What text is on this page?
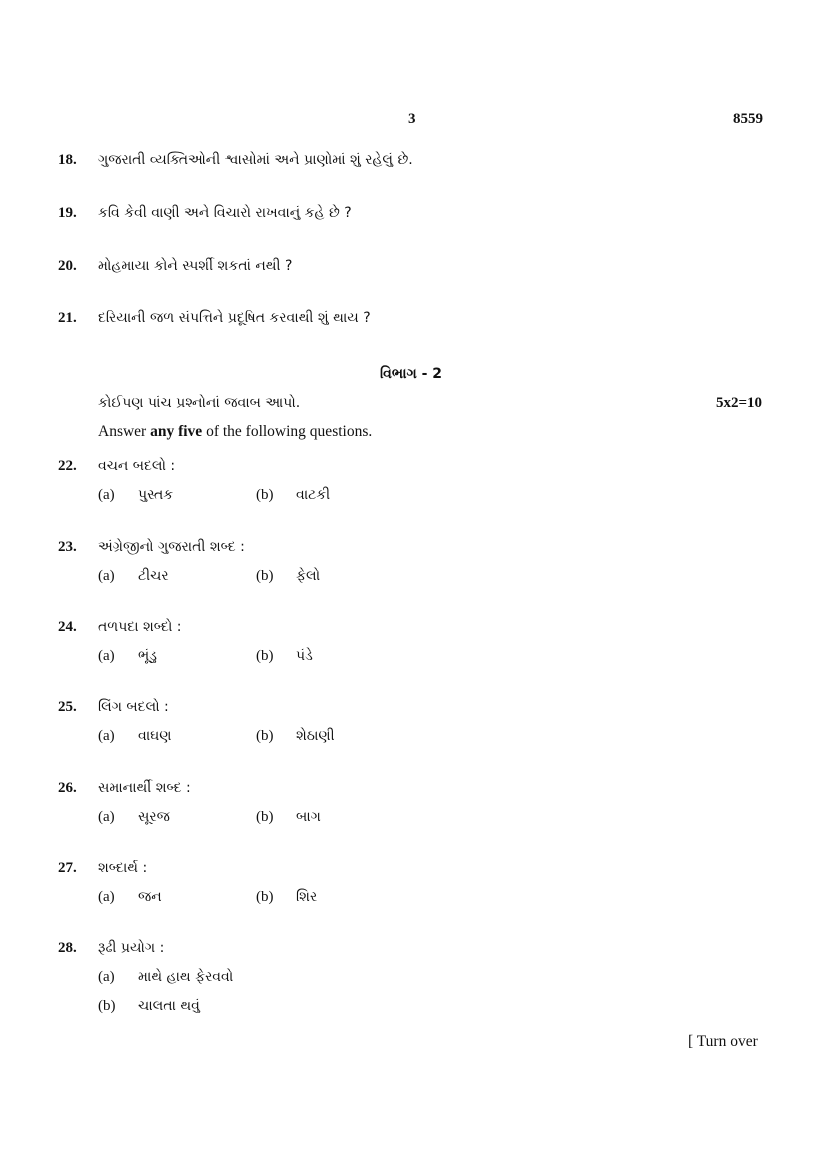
3	8559
18. ગુજરાતી વ્યક્તિઓની શ્વાસોમાં અને પ્રાણોમાં શું રહેલું છે.
19. કવિ કેવી વાણી અને વિચારો રાખવાનું કહે છે ?
20. મોહમાયા કોને સ્પર્શી શકતાં નથી ?
21. દરિયાની જળ સંપત્તિને પ્રદૂષિત કરવાથી શું થાય ?
વિભાગ - 2
કોઈપણ પાંચ પ્રશ્નોનાં જવાબ આપો.	5x2=10
Answer any five of the following questions.
22. વચન બદલો :
(a) પુસ્તક	(b) વાટકી
23. અંગ્રેજીનો ગુજરાતી શબ્દ :
(a) ટીચર	(b) ફેલો
24. તળપદા શબ્દો :
(a) ભૂંડુ	(b) પંડે
25. લિંગ બદલો :
(a) વાઘણ	(b) શેઠાણી
26. સમાનાર્થી શબ્દ :
(a) સૂરજ	(b) બાગ
27. શબ્દાર્થ :
(a) જન	(b) શિર
28. રૂઢી પ્રયોગ :
(a) માથે હાથ ફેરવવો
(b) ચાલતા થવું
[ Turn over
